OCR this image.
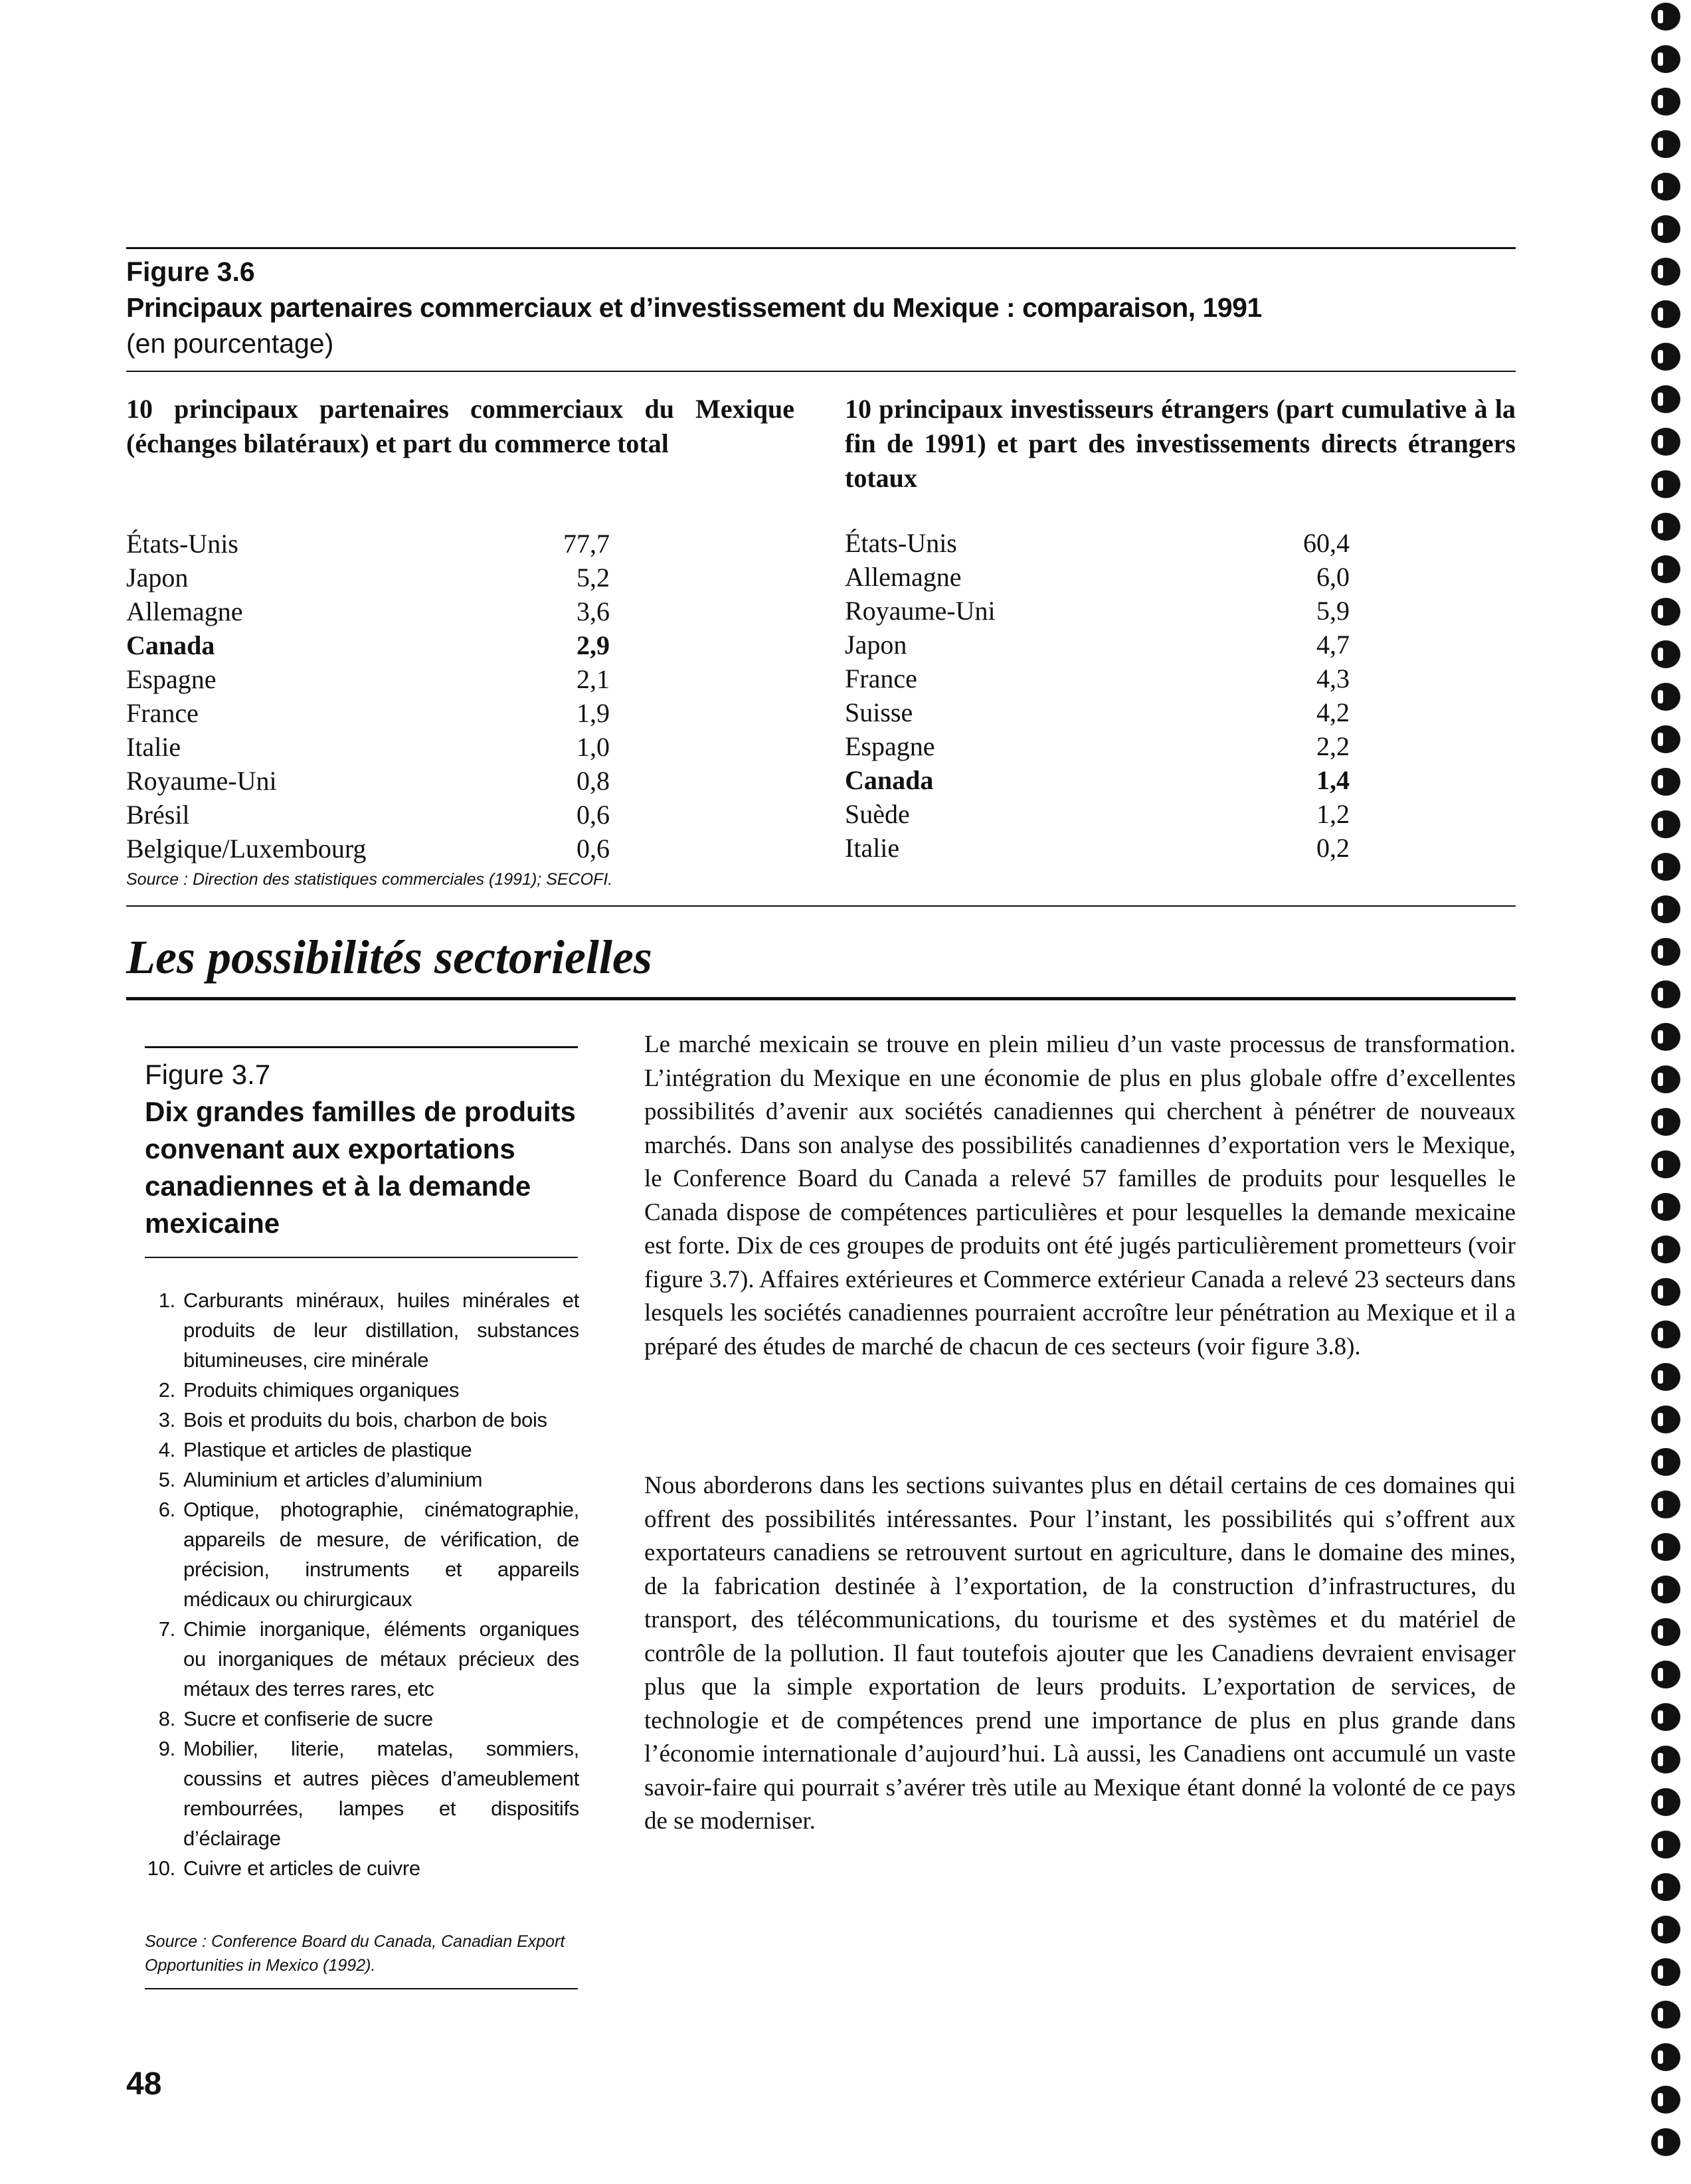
Figure 3.6
Principaux partenaires commerciaux et d’investissement du Mexique : comparaison, 1991
(en pourcentage)
10 principaux partenaires commerciaux du Mexique (échanges bilatéraux) et part du commerce total
États-Unis	77,7
Japon	5,2
Allemagne	3,6
Canada	2,9
Espagne	2,1
France	1,9
Italie	1,0
Royaume-Uni	0,8
Brésil	0,6
Belgique/Luxembourg	0,6
10 principaux investisseurs étrangers (part cumulative à la fin de 1991) et part des investissements directs étrangers totaux
États-Unis	60,4
Allemagne	6,0
Royaume-Uni	5,9
Japon	4,7
France	4,3
Suisse	4,2
Espagne	2,2
Canada	1,4
Suède	1,2
Italie	0,2
Source : Direction des statistiques commerciales (1991); SECOFI.
Les possibilités sectorielles
Figure 3.7
Dix grandes familles de produits convenant aux exportations canadiennes et à la demande mexicaine
1. Carburants minéraux, huiles minérales et produits de leur distillation, substances bitumineuses, cire minérale
2. Produits chimiques organiques
3. Bois et produits du bois, charbon de bois
4. Plastique et articles de plastique
5. Aluminium et articles d’aluminium
6. Optique, photographie, cinématographie, appareils de mesure, de vérification, de précision, instruments et appareils médicaux ou chirurgicaux
7. Chimie inorganique, éléments organiques ou inorganiques de métaux précieux des métaux des terres rares, etc
8. Sucre et confiserie de sucre
9. Mobilier, literie, matelas, sommiers, coussins et autres pièces d’ameublement rembourrées, lampes et dispositifs d’éclairage
10. Cuivre et articles de cuivre
Source : Conference Board du Canada, Canadian Export Opportunities in Mexico (1992).

Le marché mexicain se trouve en plein milieu d’un vaste processus de transformation. L’intégration du Mexique en une économie de plus en plus globale offre d’excellentes possibilités d’avenir aux sociétés canadiennes qui cherchent à pénétrer de nouveaux marchés. Dans son analyse des possibilités canadiennes d’exportation vers le Mexique, le Conference Board du Canada a relevé 57 familles de produits pour lesquelles le Canada dispose de compétences particulières et pour lesquelles la demande mexicaine est forte. Dix de ces groupes de produits ont été jugés particulièrement prometteurs (voir figure 3.7). Affaires extérieures et Commerce extérieur Canada a relevé 23 secteurs dans lesquels les sociétés canadiennes pourraient accroître leur pénétration au Mexique et il a préparé des études de marché de chacun de ces secteurs (voir figure 3.8).

Nous aborderons dans les sections suivantes plus en détail certains de ces domaines qui offrent des possibilités intéressantes. Pour l’instant, les possibilités qui s’offrent aux exportateurs canadiens se retrouvent surtout en agriculture, dans le domaine des mines, de la fabrication destinée à l’exportation, de la construction d’infrastructures, du transport, des télécommunications, du tourisme et des systèmes et du matériel de contrôle de la pollution. Il faut toutefois ajouter que les Canadiens devraient envisager plus que la simple exportation de leurs produits. L’exportation de services, de technologie et de compétences prend une importance de plus en plus grande dans l’économie internationale d’aujourd’hui. Là aussi, les Canadiens ont accumulé un vaste savoir-faire qui pourrait s’avérer très utile au Mexique étant donné la volonté de ce pays de se moderniser.

48
